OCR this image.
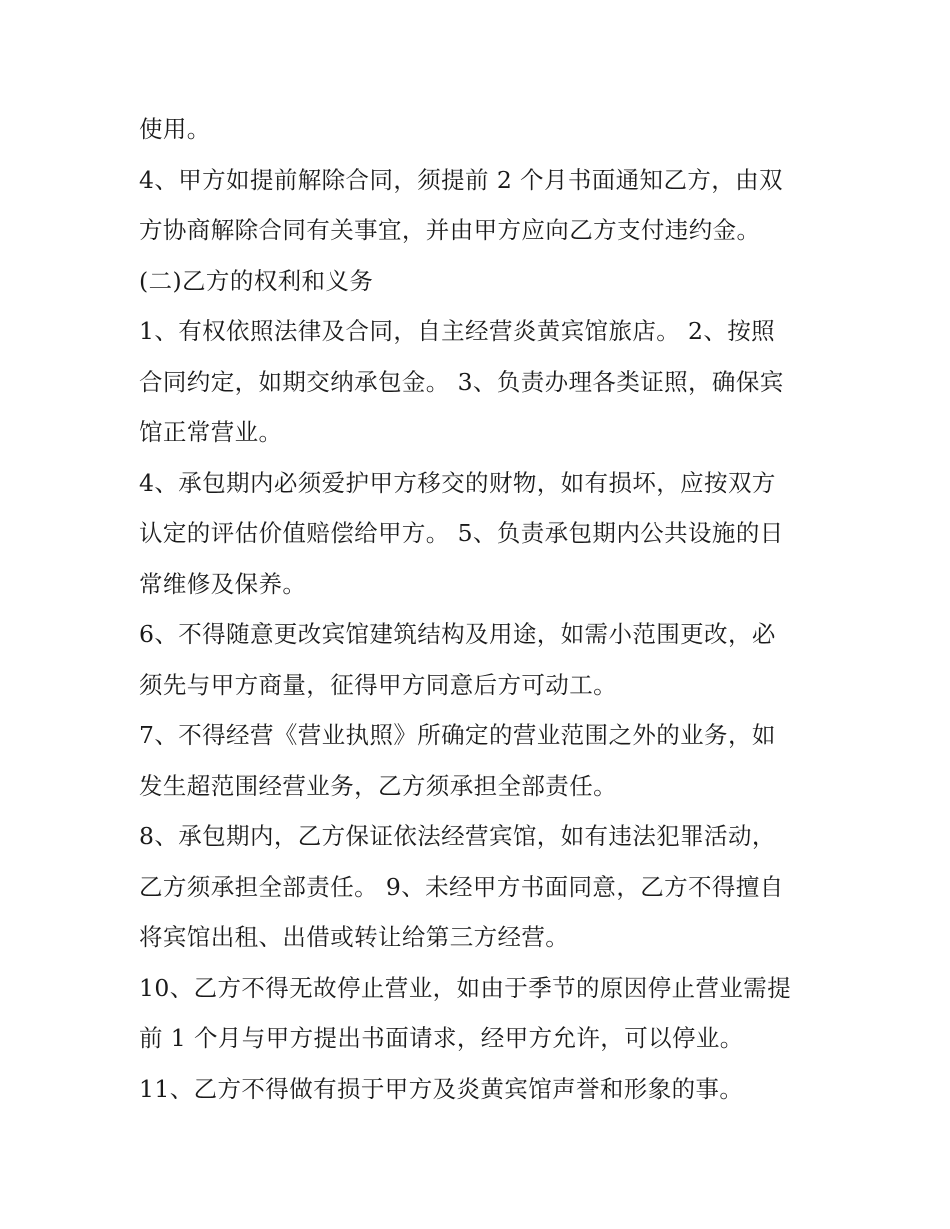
使用。
4、甲方如提前解除合同，须提前 2 个月书面通知乙方，由双
方协商解除合同有关事宜，并由甲方应向乙方支付违约金。
(二)乙方的权利和义务
1、有权依照法律及合同，自主经营炎黄宾馆旅店。 2、按照
合同约定，如期交纳承包金。 3、负责办理各类证照，确保宾
馆正常营业。
4、承包期内必须爱护甲方移交的财物，如有损坏，应按双方
认定的评估价值赔偿给甲方。 5、负责承包期内公共设施的日
常维修及保养。
6、不得随意更改宾馆建筑结构及用途，如需小范围更改，必
须先与甲方商量，征得甲方同意后方可动工。
7、不得经营《营业执照》所确定的营业范围之外的业务，如
发生超范围经营业务，乙方须承担全部责任。
8、承包期内，乙方保证依法经营宾馆，如有违法犯罪活动，
乙方须承担全部责任。 9、未经甲方书面同意，乙方不得擅自
将宾馆出租、出借或转让给第三方经营。
10、乙方不得无故停止营业，如由于季节的原因停止营业需提
前 1 个月与甲方提出书面请求，经甲方允许，可以停业。
11、乙方不得做有损于甲方及炎黄宾馆声誉和形象的事。
